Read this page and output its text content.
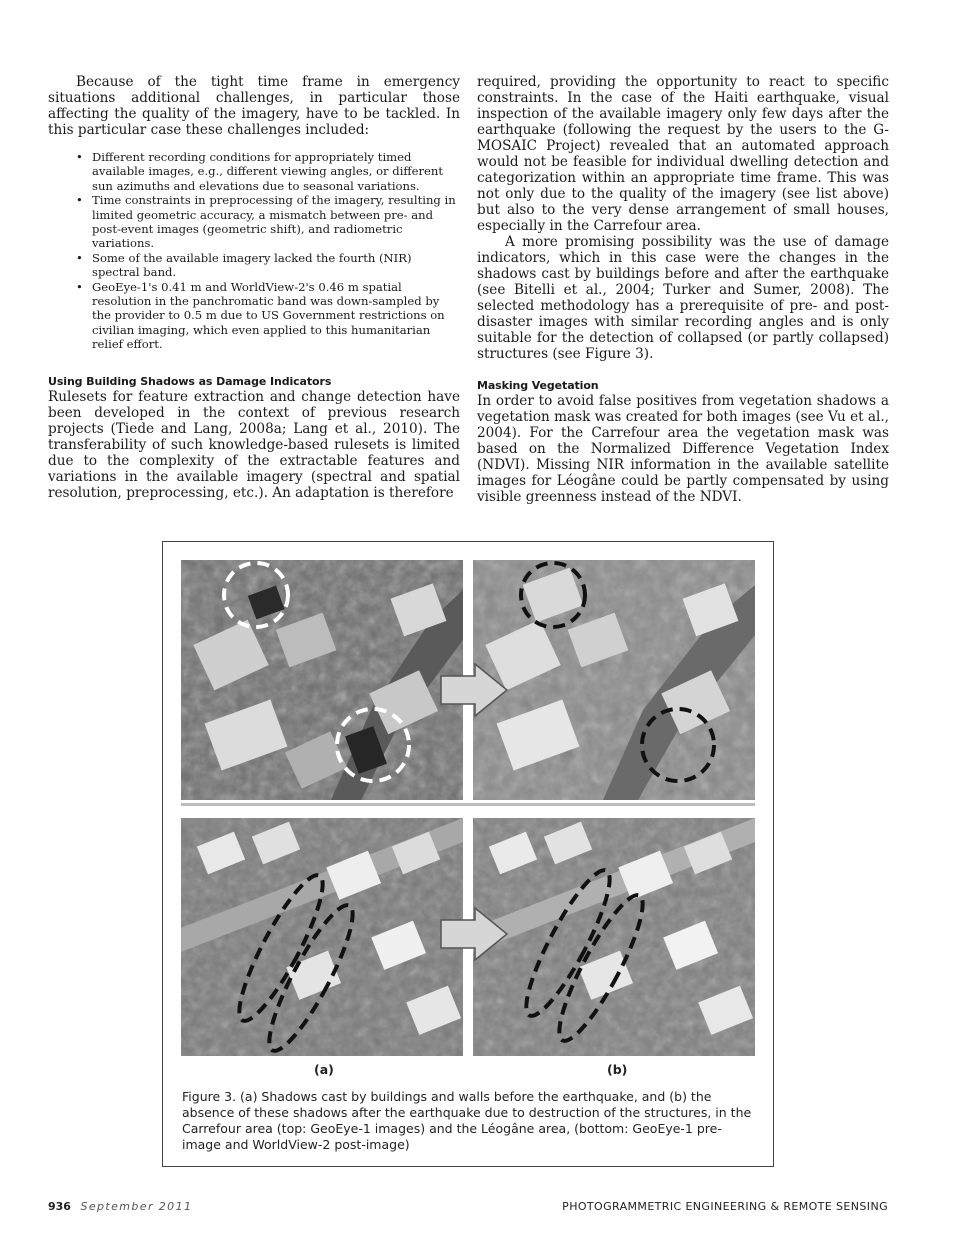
Because of the tight time frame in emergency situations additional challenges, in particular those affecting the quality of the imagery, have to be tackled. In this particular case these challenges included:

• Different recording conditions for appropriately timed available images, e.g., different viewing angles, or different sun azimuths and elevations due to seasonal variations.
• Time constraints in preprocessing of the imagery, resulting in limited geometric accuracy, a mismatch between pre- and post-event images (geometric shift), and radiometric variations.
• Some of the available imagery lacked the fourth (NIR) spectral band.
• GeoEye-1's 0.41 m and WorldView-2's 0.46 m spatial resolution in the panchromatic band was down-sampled by the provider to 0.5 m due to US Government restrictions on civilian imaging, which even applied to this humanitarian relief effort.
Using Building Shadows as Damage Indicators

Rulesets for feature extraction and change detection have been developed in the context of previous research projects (Tiede and Lang, 2008a; Lang et al., 2010). The transferability of such knowledge-based rulesets is limited due to the complexity of the extractable features and variations in the available imagery (spectral and spatial resolution, preprocessing, etc.). An adaptation is therefore

required, providing the opportunity to react to specific constraints. In the case of the Haiti earthquake, visual inspection of the available imagery only few days after the earthquake (following the request by the users to the G-MOSAIC Project) revealed that an automated approach would not be feasible for individual dwelling detection and categorization within an appropriate time frame. This was not only due to the quality of the imagery (see list above) but also to the very dense arrangement of small houses, especially in the Carrefour area.

A more promising possibility was the use of damage indicators, which in this case were the changes in the shadows cast by buildings before and after the earthquake (see Bitelli et al., 2004; Turker and Sumer, 2008). The selected methodology has a prerequisite of pre- and post-disaster images with similar recording angles and is only suitable for the detection of collapsed (or partly collapsed) structures (see Figure 3).

Masking Vegetation

In order to avoid false positives from vegetation shadows a vegetation mask was created for both images (see Vu et al., 2004). For the Carrefour area the vegetation mask was based on the Normalized Difference Vegetation Index (NDVI). Missing NIR information in the available satellite images for Léogâne could be partly compensated by using visible greenness instead of the NDVI.

(a)	(b)
Figure 3. (a) Shadows cast by buildings and walls before the earthquake, and (b) the absence of these shadows after the earthquake due to destruction of the structures, in the Carrefour area (top: GeoEye-1 images) and the Léogâne area, (bottom: GeoEye-1 pre-image and WorldView-2 post-image)
936 September 2011	PHOTOGRAMMETRIC ENGINEERING & REMOTE SENSING
